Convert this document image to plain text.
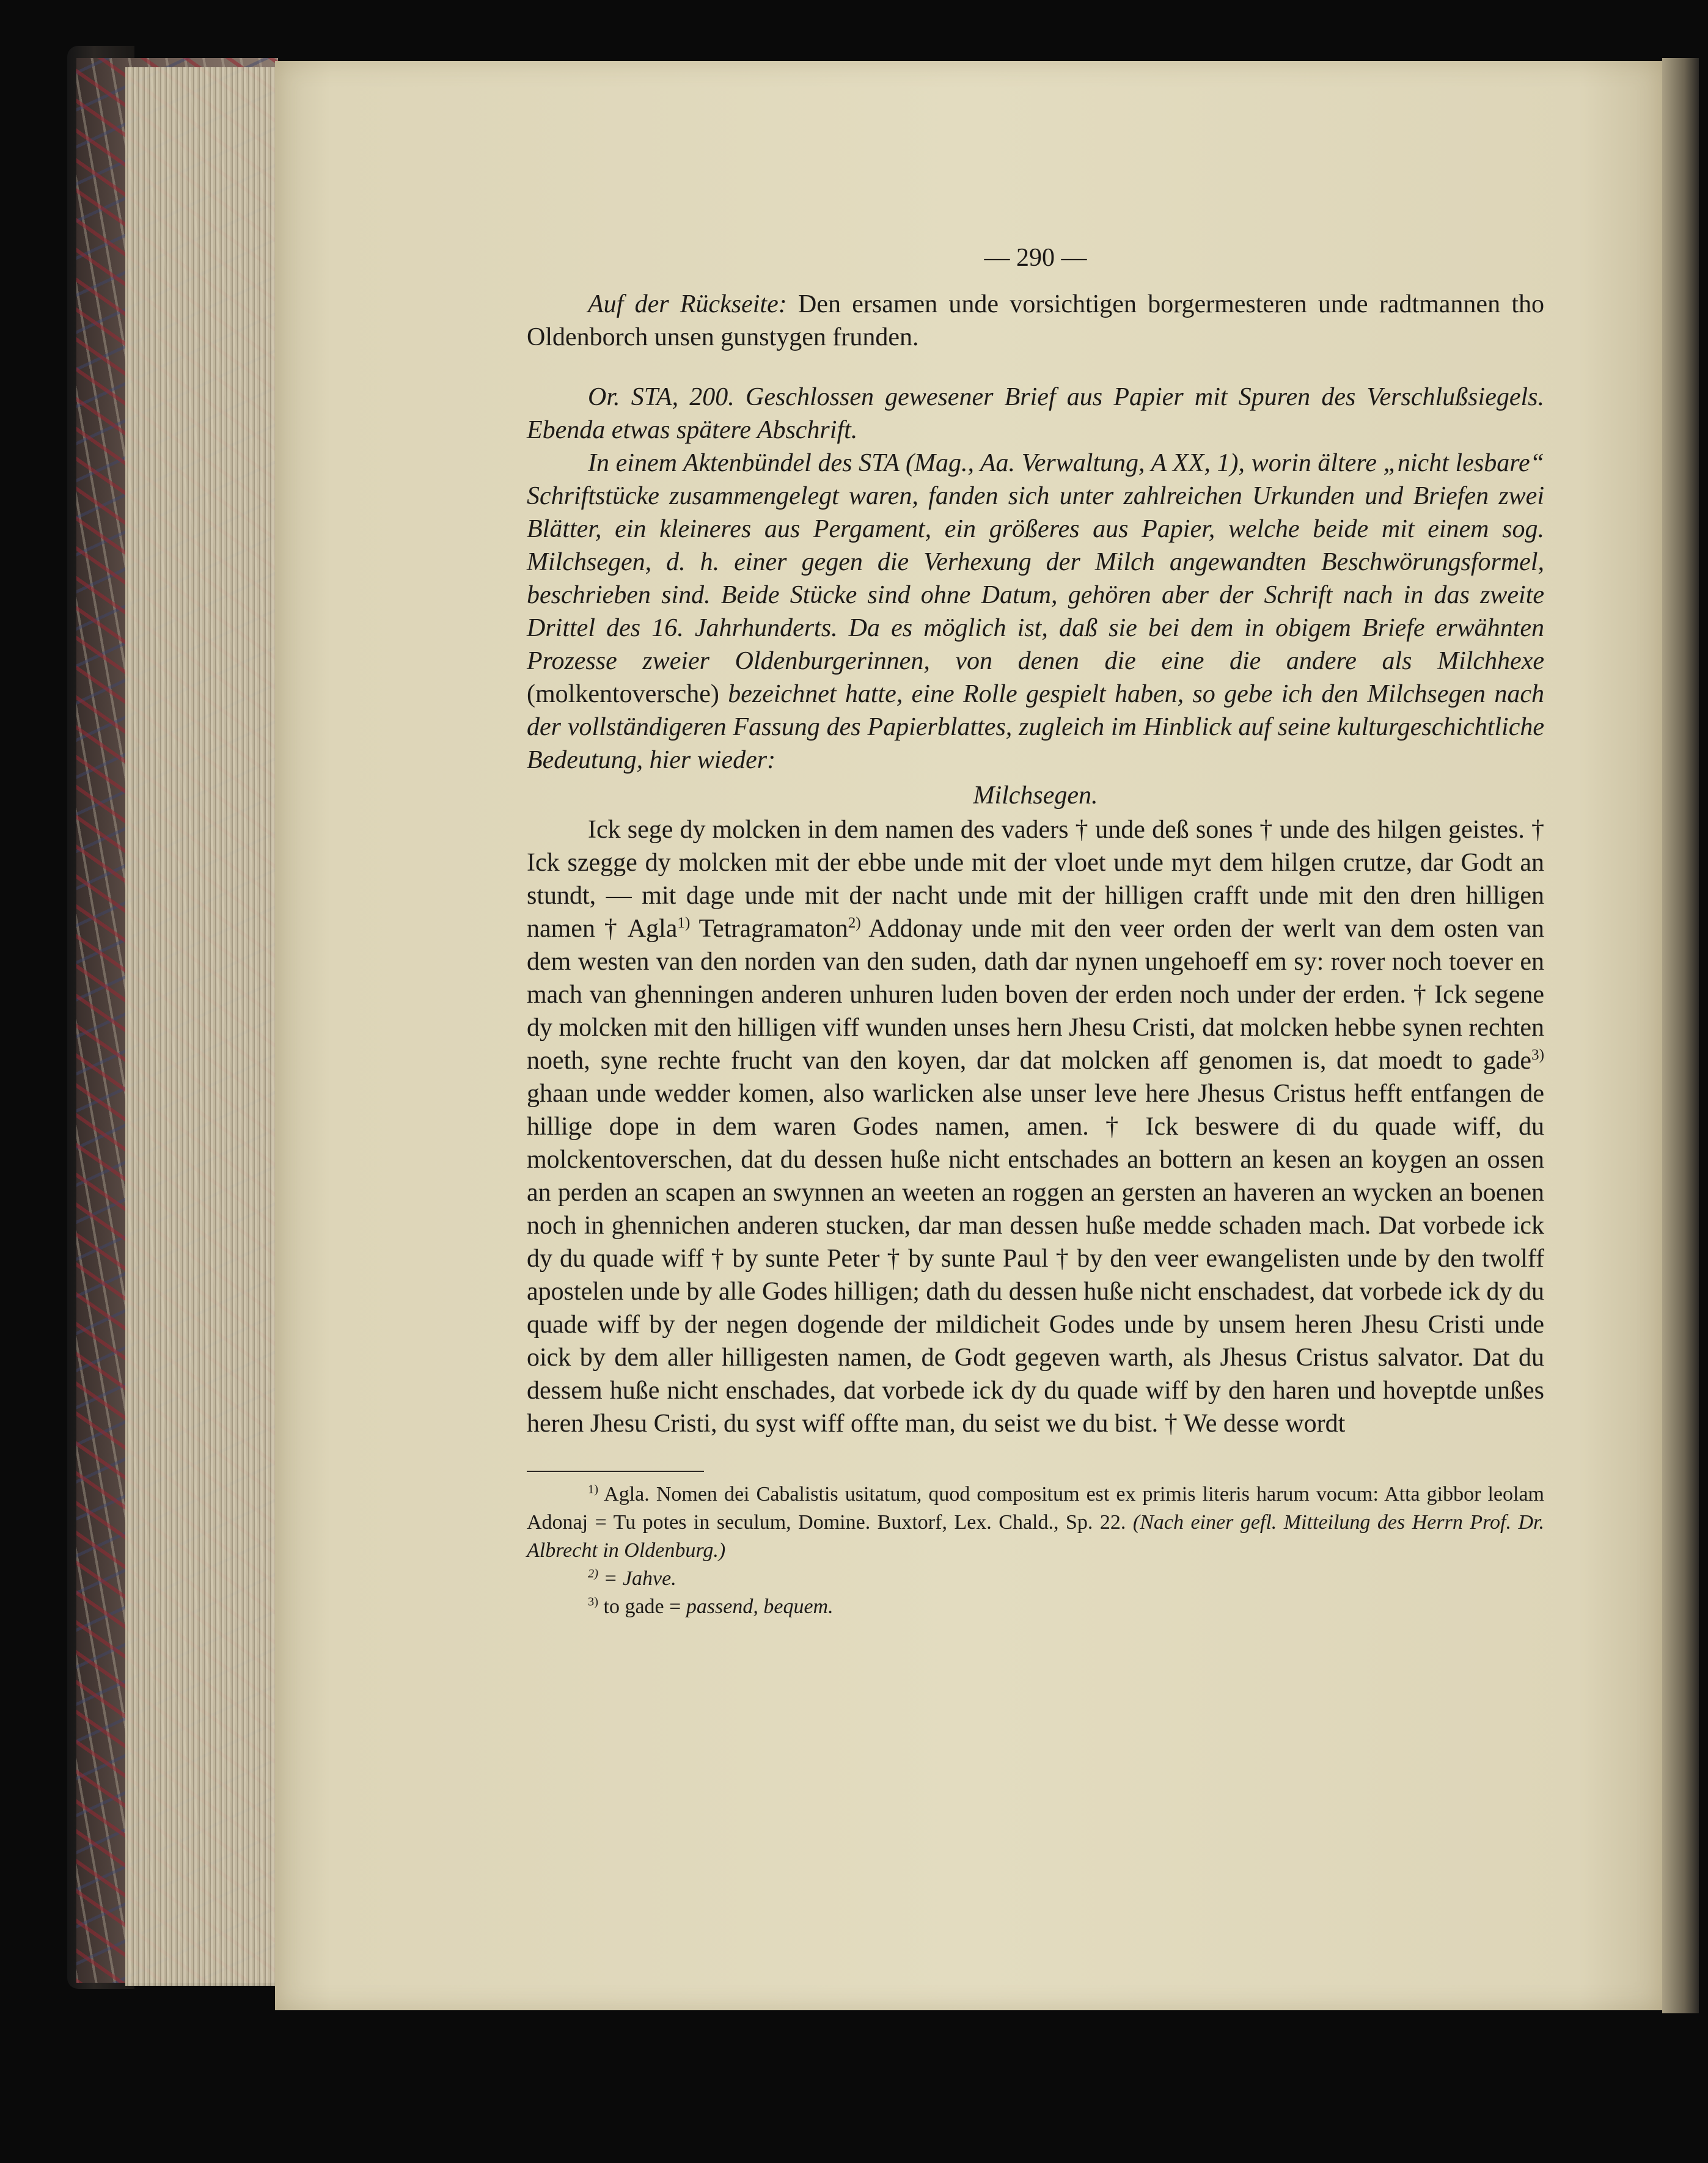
— 290 —

Auf der Rückseite: Den ersamen unde vorsichtigen borgermesteren unde radtmannen tho Oldenborch unsen gunstygen frunden.

Or. STA, 200. Geschlossen gewesener Brief aus Papier mit Spuren des Verschlußsiegels. Ebenda etwas spätere Abschrift.

In einem Aktenbündel des STA (Mag., Aa. Verwaltung, A XX, 1), worin ältere „nicht lesbare“ Schriftstücke zusammengelegt waren, fanden sich unter zahlreichen Urkunden und Briefen zwei Blätter, ein kleineres aus Pergament, ein größeres aus Papier, welche beide mit einem sog. Milchsegen, d. h. einer gegen die Verhexung der Milch angewandten Beschwörungsformel, beschrieben sind. Beide Stücke sind ohne Datum, gehören aber der Schrift nach in das zweite Drittel des 16. Jahrhunderts. Da es möglich ist, daß sie bei dem in obigem Briefe erwähnten Prozesse zweier Oldenburgerinnen, von denen die eine die andere als Milchhexe (molkentoversche) bezeichnet hatte, eine Rolle gespielt haben, so gebe ich den Milchsegen nach der vollständigeren Fassung des Papierblattes, zugleich im Hinblick auf seine kulturgeschichtliche Bedeutung, hier wieder:

Milchsegen.

Ick sege dy molcken in dem namen des vaders † unde deß sones † unde des hilgen geistes. † Ick szegge dy molcken mit der ebbe unde mit der vloet unde myt dem hilgen crutze, dar Godt an stundt, — mit dage unde mit der nacht unde mit der hilligen crafft unde mit den dren hilligen namen † Agla$^{1)}$ Tetragramaton$^{2)}$ Addonay unde mit den veer orden der werlt van dem osten van dem westen van den norden van den suden, dath dar nynen ungehoeff em sy: rover noch toever en mach van ghenningen anderen unhuren luden boven der erden noch under der erden. † Ick segene dy molcken mit den hilligen viff wunden unses hern Jhesu Cristi, dat molcken hebbe synen rechten noeth, syne rechte frucht van den koyen, dar dat molcken aff genomen is, dat moedt to gade$^{3)}$ ghaan unde wedder komen, also warlicken alse unser leve here Jhesus Cristus hefft entfangen de hillige dope in dem waren Godes namen, amen. † Ick beswere di du quade wiff, du molckentoverschen, dat du dessen huße nicht entschades an bottern an kesen an koygen an ossen an perden an scapen an swynnen an weeten an roggen an gersten an haveren an wycken an boenen noch in ghennichen anderen stucken, dar man dessen huße medde schaden mach. Dat vorbede ick dy du quade wiff † by sunte Peter † by sunte Paul † by den veer ewangelisten unde by den twolff apostelen unde by alle Godes hilligen; dath du dessen huße nicht enschadest, dat vorbede ick dy du quade wiff by der negen dogende der mildicheit Godes unde by unsem heren Jhesu Cristi unde oick by dem aller hilligesten namen, de Godt gegeven warth, als Jhesus Cristus salvator. Dat du dessem huße nicht enschades, dat vorbede ick dy du quade wiff by den haren und hoveptde unßes heren Jhesu Cristi, du syst wiff offte man, du seist we du bist. † We desse wordt

$^{1)}$ Agla. Nomen dei Cabalistis usitatum, quod compositum est ex primis literis harum vocum: Atta gibbor leolam Adonaj = Tu potes in seculum, Domine. Buxtorf, Lex. Chald., Sp. 22. (Nach einer gefl. Mitteilung des Herrn Prof. Dr. Albrecht in Oldenburg.)

$^{2)}$ = Jahve.

$^{3)}$ to gade = passend, bequem.
